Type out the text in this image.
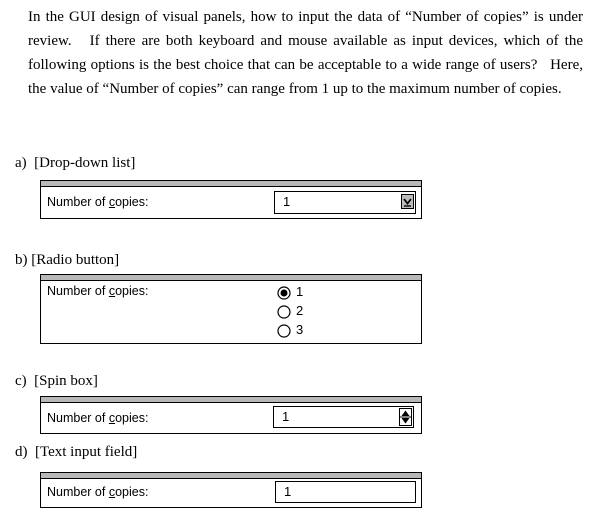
In the GUI design of visual panels, how to input the data of “Number of copies” is under review.   If there are both keyboard and mouse available as input devices, which of the following options is the best choice that can be acceptable to a wide range of users?   Here, the value of “Number of copies” can range from 1 up to the maximum number of copies.
a)  [Drop-down list]
Number of copies:	1
b) [Radio button]
Number of copies:	1
2
3
c)  [Spin box]
Number of copies:	1
d)  [Text input field]
Number of copies:	1
